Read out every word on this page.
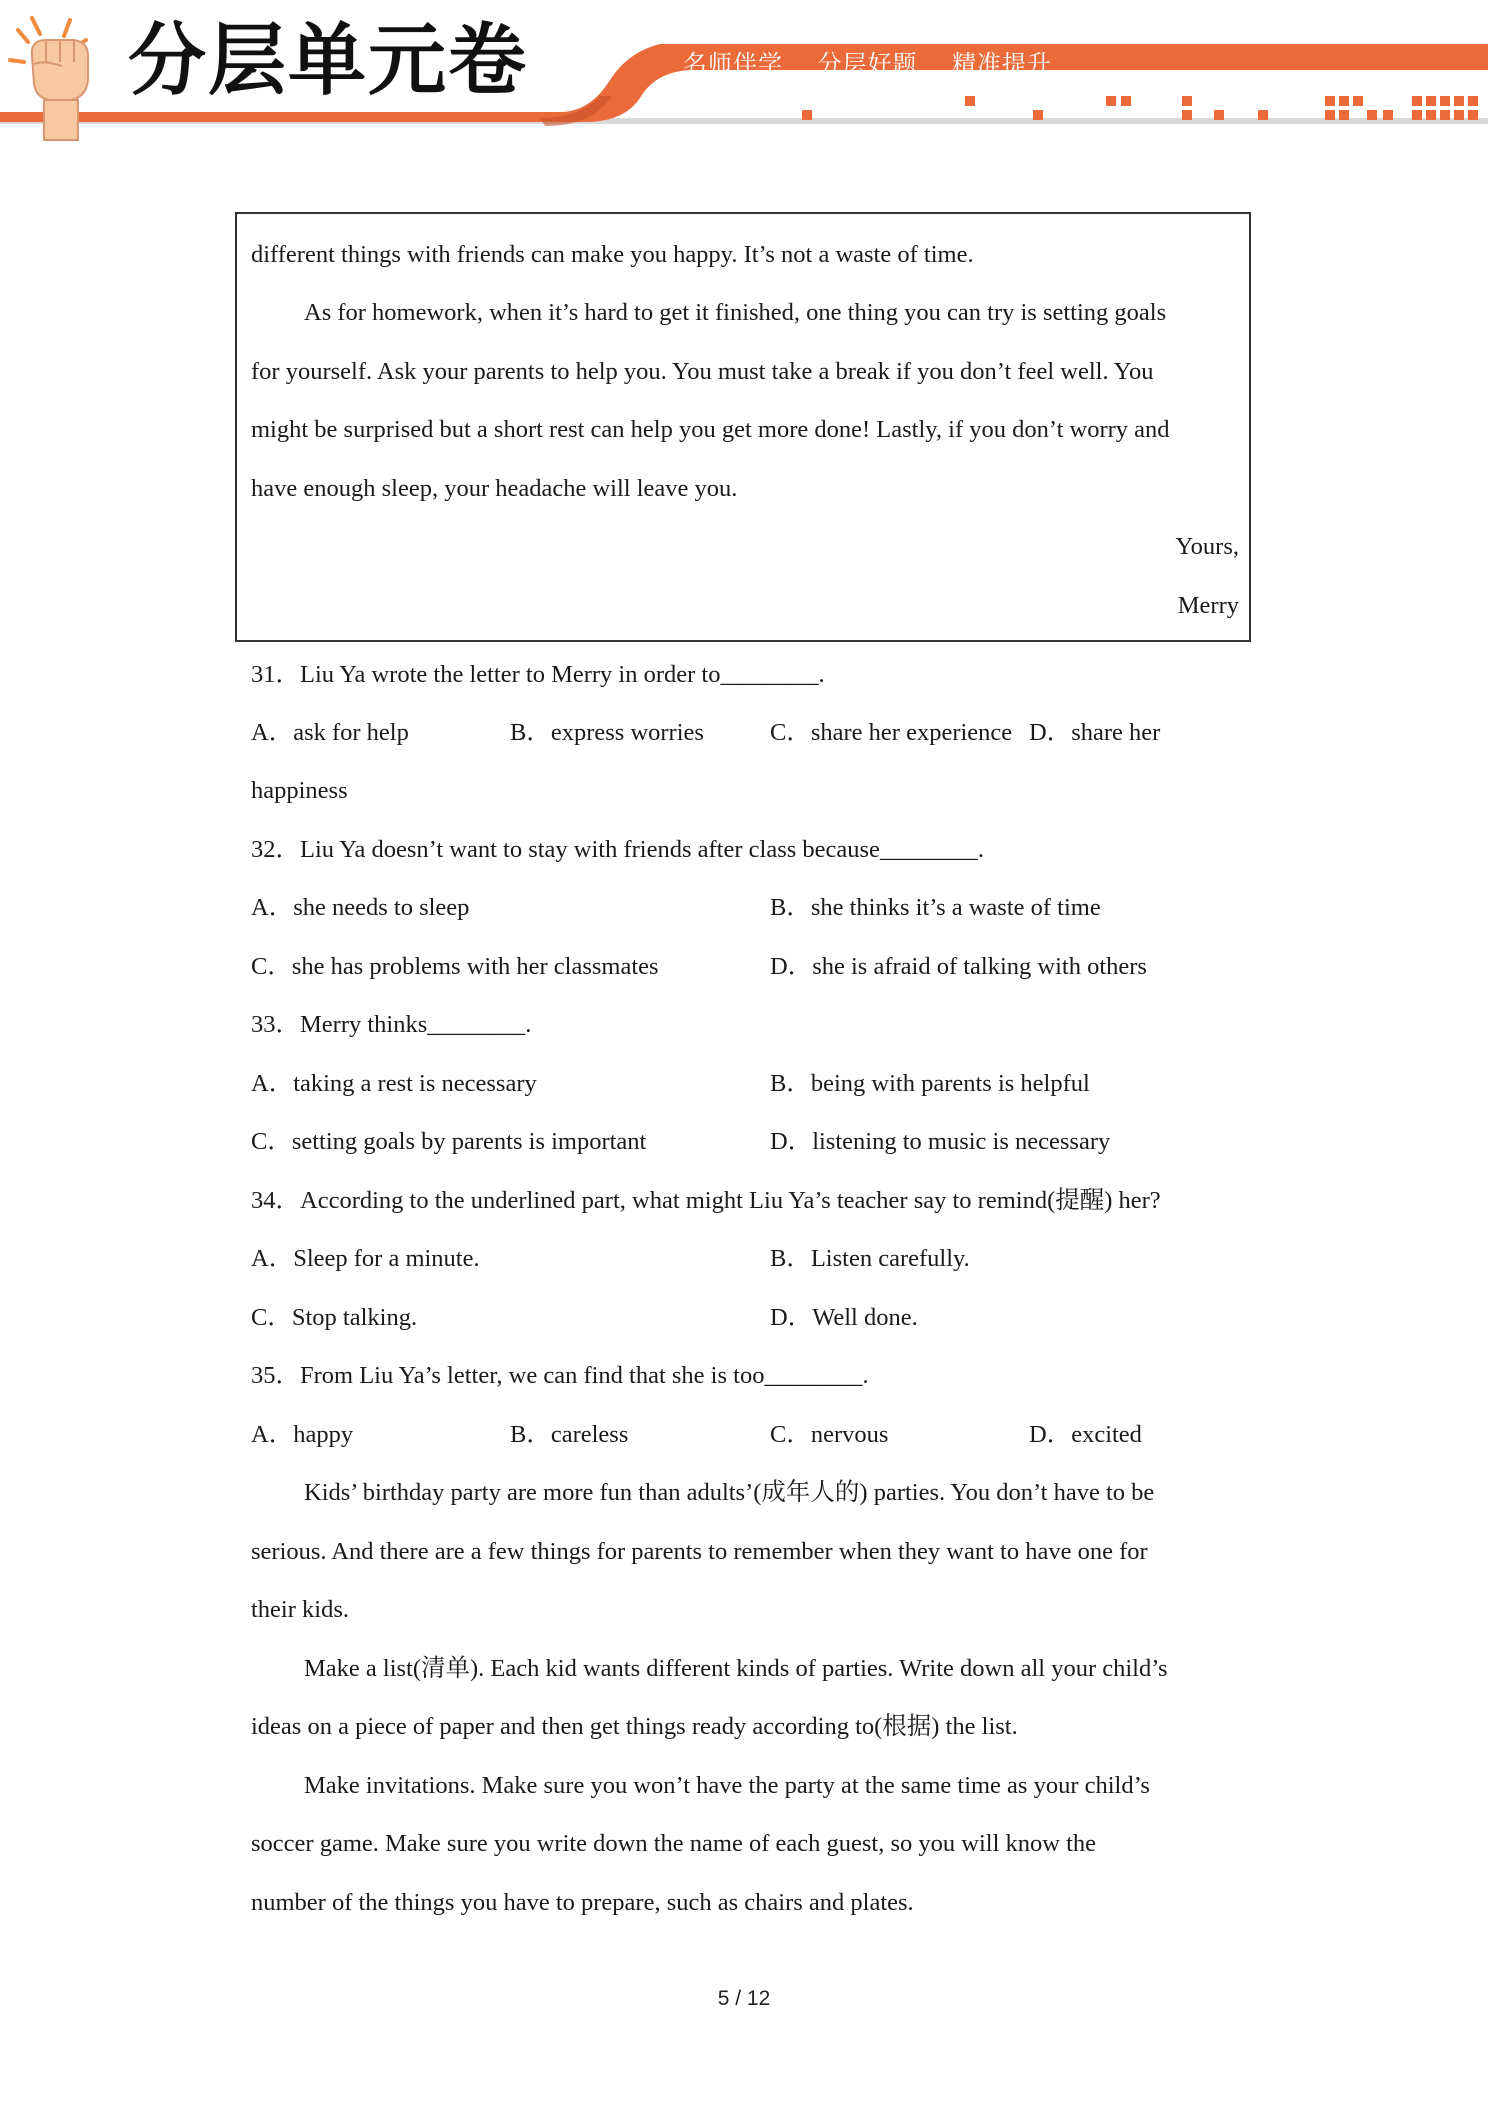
分层单元卷	名师伴学    分层好题    精准提升
different things with friends can make you happy. It’s not a waste of time.
As for homework, when it’s hard to get it finished, one thing you can try is setting goals
for yourself. Ask your parents to help you. You must take a break if you don’t feel well. You
might be surprised but a short rest can help you get more done! Lastly, if you don’t worry and
have enough sleep, your headache will leave you.
Yours,
Merry
31．Liu Ya wrote the letter to Merry in order to________.
A．ask for help	B．express worries	C．share her experience D．share her
happiness
32．Liu Ya doesn’t want to stay with friends after class because________.
A．she needs to sleep	B．she thinks it’s a waste of time
C．she has problems with her classmates	D．she is afraid of talking with others
33．Merry thinks________.
A．taking a rest is necessary	B．being with parents is helpful
C．setting goals by parents is important	D．listening to music is necessary
34．According to the underlined part, what might Liu Ya’s teacher say to remind(提醒) her?
A．Sleep for a minute.	B．Listen carefully.
C．Stop talking.	D．Well done.
35．From Liu Ya’s letter, we can find that she is too________.
A．happy	B．careless	C．nervous	D．excited
Kids’ birthday party are more fun than adults’(成年人的) parties. You don’t have to be
serious. And there are a few things for parents to remember when they want to have one for
their kids.
Make a list(清单). Each kid wants different kinds of parties. Write down all your child’s
ideas on a piece of paper and then get things ready according to(根据) the list.
Make invitations. Make sure you won’t have the party at the same time as your child’s
soccer game. Make sure you write down the name of each guest, so you will know the
number of the things you have to prepare, such as chairs and plates.
5 / 12
